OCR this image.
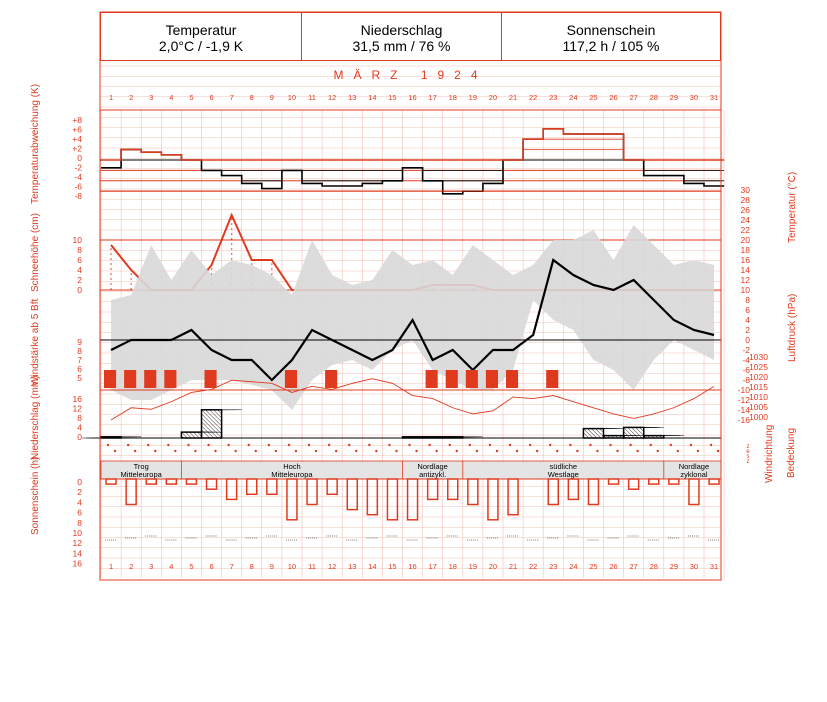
MÄRZ 1924
1
1
2
2
3
3
4
4
5
5
6
6
7
7
8
8
9
9
10
10
11
11
12
12
13
13
14
14
15
15
16
16
17
17
18
18
19
19
20
20
21
21
22
22
23
23
24
24
25
25
26
26
27
27
28
28
29
29
30
30
31
31
+8
+6
+4
+2
0
-2
-4
-6
-8
10
8
6
4
2
0
30
28
26
24
22
20
18
16
14
12
10
8
6
4
2
0
-2
-4
-6
-8
-10
-12
-14
-16
1030
1025
1020
1015
1010
1005
1000
9
8
7
6
5
16
12
8
4
0
z
e
s
z
Trog
Mitteleuropa
Hoch
Mitteleuropa
Nordlage
antizykl.
südliche
Westlage
Nordlage
zyklonal
0
2
4
6
8
10
12
14
16
Temperatur
2,0°C / -1,9 K
Niederschlag
31,5 mm / 76 %
Sonnenschein
117,2 h / 105 %
Temperaturabweichung (K)
Schneehöhe (cm)
Windstärke ab 5 Bft
Niederschlag (mm)
Sonnenschein (h)
Temperatur (°C)
Luftdruck (hPa)
Windrichtung Bedeckung
